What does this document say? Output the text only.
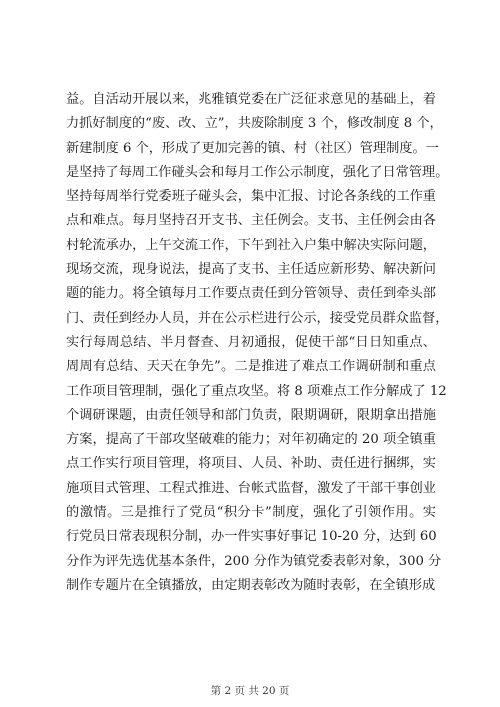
益。自活动开展以来，兆雅镇党委在广泛征求意见的基础上，着
力抓好制度的“废、改、立”，共废除制度 3 个，修改制度 8 个，
新建制度 6 个，形成了更加完善的镇、村（社区）管理制度。一
是坚持了每周工作碰头会和每月工作公示制度，强化了日常管理。
坚持每周举行党委班子碰头会，集中汇报、讨论各条线的工作重
点和难点。每月坚持召开支书、主任例会。支书、主任例会由各
村轮流承办，上午交流工作，下午到社入户集中解决实际问题，
现场交流，现身说法，提高了支书、主任适应新形势、解决新问
题的能力。将全镇每月工作要点责任到分管领导、责任到牵头部
门、责任到经办人员，并在公示栏进行公示，接受党员群众监督，
实行每周总结、半月督查、月初通报，促使干部“日日知重点、
周周有总结、天天在争先”。二是推进了难点工作调研制和重点
工作项目管理制，强化了重点攻坚。将 8 项难点工作分解成了 12
个调研课题，由责任领导和部门负责，限期调研，限期拿出措施
方案，提高了干部攻坚破难的能力；对年初确定的 20 项全镇重
点工作实行项目管理，将项目、人员、补助、责任进行捆绑，实
施项目式管理、工程式推进、台帐式监督，激发了干部干事创业
的激情。三是推行了党员“积分卡”制度，强化了引领作用。实
行党员日常表现积分制，办一件实事好事记 10-20 分，达到 60
分作为评先选优基本条件，200 分作为镇党委表彰对象，300 分
制作专题片在全镇播放，由定期表彰改为随时表彰，在全镇形成
第 2 页 共 20 页
